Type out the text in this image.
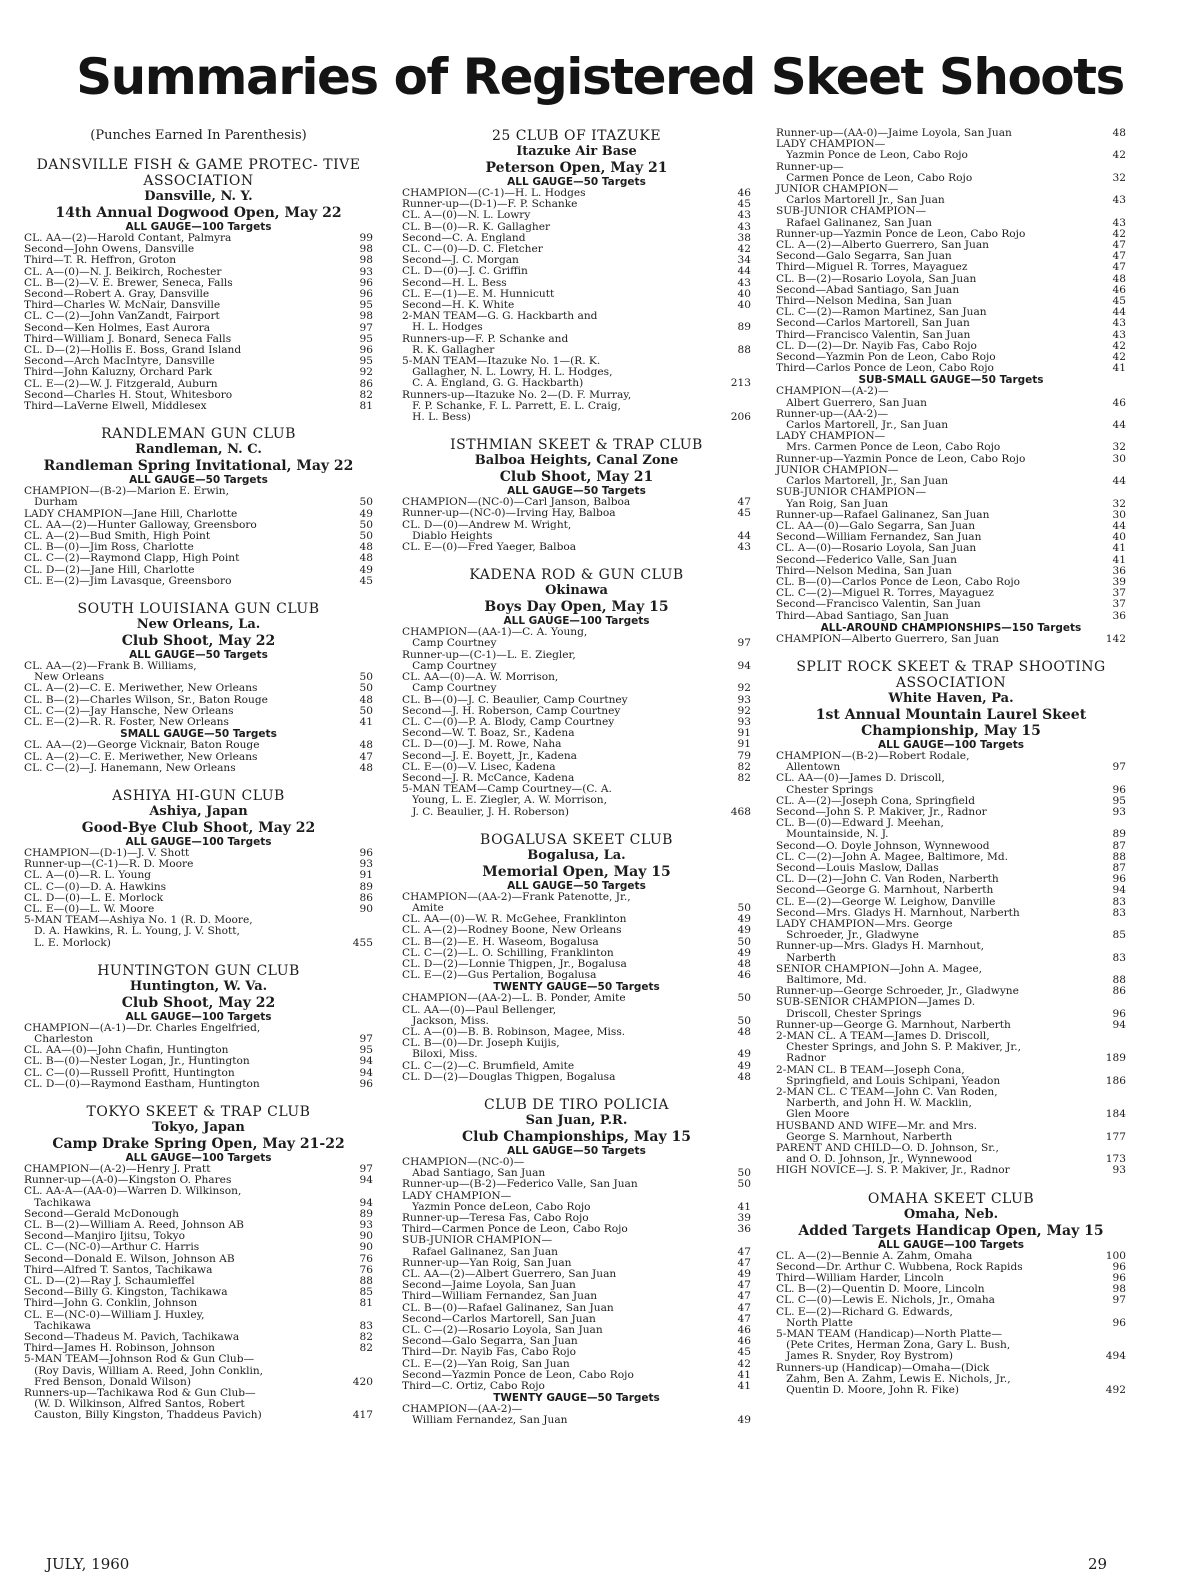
Summaries of Registered Skeet Shoots
(Punches Earned In Parenthesis)
DANSVILLE FISH & GAME PROTEC- TIVE ASSOCIATION
Dansville, N. Y.
14th Annual Dogwood Open, May 22
ALL GAUGE—100 Targets
CL. AA—(2)—Harold Contant, Palmyra	99
Second—John Owens, Dansville	98
Third—T. R. Heffron, Groton	98
CL. A—(0)—N. J. Beikirch, Rochester	93
CL. B—(2)—V. E. Brewer, Seneca, Falls	96
Second—Robert A. Gray, Dansville	96
Third—Charles W. McNair, Dansville	95
CL. C—(2)—John VanZandt, Fairport	98
Second—Ken Holmes, East Aurora	97
Third—William J. Bonard, Seneca Falls	95
CL. D—(2)—Hollis E. Boss, Grand Island	96
Second—Arch MacIntyre, Dansville	95
Third—John Kaluzny, Orchard Park	92
CL. E—(2)—W. J. Fitzgerald, Auburn	86
Second—Charles H. Stout, Whitesboro	82
Third—LaVerne Elwell, Middlesex	81
RANDLEMAN GUN CLUB
Randleman, N. C.
Randleman Spring Invitational, May 22
ALL GAUGE—50 Targets
CHAMPION—(B-2)—Marion E. Erwin,
Durham	50
LADY CHAMPION—Jane Hill, Charlotte	49
CL. AA—(2)—Hunter Galloway, Greensboro	50
CL. A—(2)—Bud Smith, High Point	50
CL. B—(0)—Jim Ross, Charlotte	48
CL. C—(2)—Raymond Clapp, High Point	48
CL. D—(2)—Jane Hill, Charlotte	49
CL. E—(2)—Jim Lavasque, Greensboro	45
SOUTH LOUISIANA GUN CLUB
New Orleans, La.
Club Shoot, May 22
ALL GAUGE—50 Targets
CL. AA—(2)—Frank B. Williams,
New Orleans	50
CL. A—(2)—C. E. Meriwether, New Orleans	50
CL. B—(2)—Charles Wilson, Sr., Baton Rouge	48
CL. C—(2)—Jay Hansche, New Orleans	50
CL. E—(2)—R. R. Foster, New Orleans	41
SMALL GAUGE—50 Targets
CL. AA—(2)—George Vicknair, Baton Rouge	48
CL. A—(2)—C. E. Meriwether, New Orleans	47
CL. C—(2)—J. Hanemann, New Orleans	48
ASHIYA HI-GUN CLUB
Ashiya, Japan
Good-Bye Club Shoot, May 22
ALL GAUGE—100 Targets
CHAMPION—(D-1)—J. V. Shott	96
Runner-up—(C-1)—R. D. Moore	93
CL. A—(0)—R. L. Young	91
CL. C—(0)—D. A. Hawkins	89
CL. D—(0)—L. E. Morlock	86
CL. E—(0)—L. W. Moore	90
5-MAN TEAM—Ashiya No. 1 (R. D. Moore,
D. A. Hawkins, R. L. Young, J. V. Shott,
L. E. Morlock)	455
HUNTINGTON GUN CLUB
Huntington, W. Va.
Club Shoot, May 22
ALL GAUGE—100 Targets
CHAMPION—(A-1)—Dr. Charles Engelfried,
Charleston	97
CL. AA—(0)—John Chafin, Huntington	95
CL. B—(0)—Nester Logan, Jr., Huntington	94
CL. C—(0)—Russell Profitt, Huntington	94
CL. D—(0)—Raymond Eastham, Huntington	96
TOKYO SKEET & TRAP CLUB
Tokyo, Japan
Camp Drake Spring Open, May 21-22
ALL GAUGE—100 Targets
CHAMPION—(A-2)—Henry J. Pratt	97
Runner-up—(A-0)—Kingston O. Phares	94
CL. AA-A—(AA-0)—Warren D. Wilkinson,
Tachikawa	94
Second—Gerald McDonough	89
CL. B—(2)—William A. Reed, Johnson AB	93
Second—Manjiro Ijitsu, Tokyo	90
CL. C—(NC-0)—Arthur C. Harris	90
Second—Donald E. Wilson, Johnson AB	76
Third—Alfred T. Santos, Tachikawa	76
CL. D—(2)—Ray J. Schaumleffel	88
Second—Billy G. Kingston, Tachikawa	85
Third—John G. Conklin, Johnson	81
CL. E—(NC-0)—William J. Huxley,
Tachikawa	83
Second—Thadeus M. Pavich, Tachikawa	82
Third—James H. Robinson, Johnson	82
5-MAN TEAM—Johnson Rod & Gun Club—
(Roy Davis, William A. Reed, John Conklin,
Fred Benson, Donald Wilson)	420
Runners-up—Tachikawa Rod & Gun Club—
(W. D. Wilkinson, Alfred Santos, Robert
Causton, Billy Kingston, Thaddeus Pavich)	417
25 CLUB OF ITAZUKE
Itazuke Air Base
Peterson Open, May 21
ALL GAUGE—50 Targets
CHAMPION—(C-1)—H. L. Hodges	46
Runner-up—(D-1)—F. P. Schanke	45
CL. A—(0)—N. L. Lowry	43
CL. B—(0)—R. K. Gallagher	43
Second—C. A. England	38
CL. C—(0)—D. C. Fletcher	42
Second—J. C. Morgan	34
CL. D—(0)—J. C. Griffin	44
Second—H. L. Bess	43
CL. E—(1)—E. M. Hunnicutt	40
Second—H. K. White	40
2-MAN TEAM—G. G. Hackbarth and
H. L. Hodges	89
Runners-up—F. P. Schanke and
R. K. Gallagher	88
5-MAN TEAM—Itazuke No. 1—(R. K.
Gallagher, N. L. Lowry, H. L. Hodges,
C. A. England, G. G. Hackbarth)	213
Runners-up—Itazuke No. 2—(D. F. Murray,
F. P. Schanke, F. L. Parrett, E. L. Craig,
H. L. Bess)	206
ISTHMIAN SKEET & TRAP CLUB
Balboa Heights, Canal Zone
Club Shoot, May 21
ALL GAUGE—50 Targets
CHAMPION—(NC-0)—Carl Janson, Balboa	47
Runner-up—(NC-0)—Irving Hay, Balboa	45
CL. D—(0)—Andrew M. Wright,
Diablo Heights	44
CL. E—(0)—Fred Yaeger, Balboa	43
KADENA ROD & GUN CLUB
Okinawa
Boys Day Open, May 15
ALL GAUGE—100 Targets
CHAMPION—(AA-1)—C. A. Young,
Camp Courtney	97
Runner-up—(C-1)—L. E. Ziegler,
Camp Courtney	94
CL. AA—(0)—A. W. Morrison,
Camp Courtney	92
CL. B—(0)—J. C. Beaulier, Camp Courtney	93
Second—J. H. Roberson, Camp Courtney	92
CL. C—(0)—P. A. Blody, Camp Courtney	93
Second—W. T. Boaz, Sr., Kadena	91
CL. D—(0)—J. M. Rowe, Naha	91
Second—J. E. Boyett, Jr., Kadena	79
CL. E—(0)—V. Lisec, Kadena	82
Second—J. R. McCance, Kadena	82
5-MAN TEAM—Camp Courtney—(C. A.
Young, L. E. Ziegler, A. W. Morrison,
J. C. Beaulier, J. H. Roberson)	468
BOGALUSA SKEET CLUB
Bogalusa, La.
Memorial Open, May 15
ALL GAUGE—50 Targets
CHAMPION—(AA-2)—Frank Patenotte, Jr.,
Amite	50
CL. AA—(0)—W. R. McGehee, Franklinton	49
CL. A—(2)—Rodney Boone, New Orleans	49
CL. B—(2)—E. H. Waseom, Bogalusa	50
CL. C—(2)—L. O. Schilling, Franklinton	49
CL. D—(2)—Lonnie Thigpen, Jr., Bogalusa	48
CL. E—(2)—Gus Pertalion, Bogalusa	46
TWENTY GAUGE—50 Targets
CHAMPION—(AA-2)—L. B. Ponder, Amite	50
CL. AA—(0)—Paul Bellenger,
Jackson, Miss.	50
CL. A—(0)—B. B. Robinson, Magee, Miss.	48
CL. B—(0)—Dr. Joseph Kuijis,
Biloxi, Miss.	49
CL. C—(2)—C. Brumfield, Amite	49
CL. D—(2)—Douglas Thigpen, Bogalusa	48
CLUB DE TIRO POLICIA
San Juan, P.R.
Club Championships, May 15
ALL GAUGE—50 Targets
CHAMPION—(NC-0)—
Abad Santiago, San Juan	50
Runner-up—(B-2)—Federico Valle, San Juan	50
LADY CHAMPION—
Yazmin Ponce deLeon, Cabo Rojo	41
Runner-up—Teresa Fas, Cabo Rojo	39
Third—Carmen Ponce de Leon, Cabo Rojo	36
SUB-JUNIOR CHAMPION—
Rafael Galinanez, San Juan	47
Runner-up—Yan Roig, San Juan	47
CL. AA—(2)—Albert Guerrero, San Juan	49
Second—Jaime Loyola, San Juan	47
Third—William Fernandez, San Juan	47
CL. B—(0)—Rafael Galinanez, San Juan	47
Second—Carlos Martorell, San Juan	47
CL. C—(2)—Rosario Loyola, San Juan	46
Second—Galo Segarra, San Juan	46
Third—Dr. Nayib Fas, Cabo Rojo	45
CL. E—(2)—Yan Roig, San Juan	42
Second—Yazmin Ponce de Leon, Cabo Rojo	41
Third—C. Ortiz, Cabo Rojo	41
TWENTY GAUGE—50 Targets
CHAMPION—(AA-2)—
William Fernandez, San Juan	49
Runner-up—(AA-0)—Jaime Loyola, San Juan	48
LADY CHAMPION—
Yazmin Ponce de Leon, Cabo Rojo	42
Runner-up—
Carmen Ponce de Leon, Cabo Rojo	32
JUNIOR CHAMPION—
Carlos Martorell Jr., San Juan	43
SUB-JUNIOR CHAMPION—
Rafael Galinanez, San Juan	43
Runner-up—Yazmin Ponce de Leon, Cabo Rojo	42
CL. A—(2)—Alberto Guerrero, San Juan	47
Second—Galo Segarra, San Juan	47
Third—Miguel R. Torres, Mayaguez	47
CL. B—(2)—Rosario Loyola, San Juan	48
Second—Abad Santiago, San Juan	46
Third—Nelson Medina, San Juan	45
CL. C—(2)—Ramon Martinez, San Juan	44
Second—Carlos Martorell, San Juan	43
Third—Francisco Valentin, San Juan	43
CL. D—(2)—Dr. Nayib Fas, Cabo Rojo	42
Second—Yazmin Pon de Leon, Cabo Rojo	42
Third—Carlos Ponce de Leon, Cabo Rojo	41
SUB-SMALL GAUGE—50 Targets
CHAMPION—(A-2)—
Albert Guerrero, San Juan	46
Runner-up—(AA-2)—
Carlos Martorell, Jr., San Juan	44
LADY CHAMPION—
Mrs. Carmen Ponce de Leon, Cabo Rojo	32
Runner-up—Yazmin Ponce de Leon, Cabo Rojo	30
JUNIOR CHAMPION—
Carlos Martorell, Jr., San Juan	44
SUB-JUNIOR CHAMPION—
Yan Roig, San Juan	32
Runner-up—Rafael Galinanez, San Juan	30
CL. AA—(0)—Galo Segarra, San Juan	44
Second—William Fernandez, San Juan	40
CL. A—(0)—Rosario Loyola, San Juan	41
Second—Federico Valle, San Juan	41
Third—Nelson Medina, San Juan	36
CL. B—(0)—Carlos Ponce de Leon, Cabo Rojo	39
CL. C—(2)—Miguel R. Torres, Mayaguez	37
Second—Francisco Valentin, San Juan	37
Third—Abad Santiago, San Juan	36
ALL-AROUND CHAMPIONSHIPS—150 Targets
CHAMPION—Alberto Guerrero, San Juan	142
SPLIT ROCK SKEET & TRAP SHOOTING ASSOCIATION
White Haven, Pa.
1st Annual Mountain Laurel Skeet Championship, May 15
ALL GAUGE—100 Targets
CHAMPION—(B-2)—Robert Rodale,
Allentown	97
CL. AA—(0)—James D. Driscoll,
Chester Springs	96
CL. A—(2)—Joseph Cona, Springfield	95
Second—John S. P. Makiver, Jr., Radnor	93
CL. B—(0)—Edward J. Meehan,
Mountainside, N. J.	89
Second—O. Doyle Johnson, Wynnewood	87
CL. C—(2)—John A. Magee, Baltimore, Md.	88
Second—Louis Maslow, Dallas	87
CL. D—(2)—John C. Van Roden, Narberth	96
Second—George G. Marnhout, Narberth	94
CL. E—(2)—George W. Leighow, Danville	83
Second—Mrs. Gladys H. Marnhout, Narberth	83
LADY CHAMPION—Mrs. George
Schroeder, Jr., Gladwyne	85
Runner-up—Mrs. Gladys H. Marnhout,
Narberth	83
SENIOR CHAMPION—John A. Magee,
Baltimore, Md.	88
Runner-up—George Schroeder, Jr., Gladwyne	86
SUB-SENIOR CHAMPION—James D.
Driscoll, Chester Springs	96
Runner-up—George G. Marnhout, Narberth	94
2-MAN CL. A TEAM—James D. Driscoll,
Chester Springs, and John S. P. Makiver, Jr.,
Radnor	189
2-MAN CL. B TEAM—Joseph Cona,
Springfield, and Louis Schipani, Yeadon	186
2-MAN CL. C TEAM—John C. Van Roden,
Narberth, and John H. W. Macklin,
Glen Moore	184
HUSBAND AND WIFE—Mr. and Mrs.
George S. Marnhout, Narberth	177
PARENT AND CHILD—O. D. Johnson, Sr.,
and O. D. Johnson, Jr., Wynnewood	173
HIGH NOVICE—J. S. P. Makiver, Jr., Radnor	93
OMAHA SKEET CLUB
Omaha, Neb.
Added Targets Handicap Open, May 15
ALL GAUGE—100 Targets
CL. A—(2)—Bennie A. Zahm, Omaha	100
Second—Dr. Arthur C. Wubbena, Rock Rapids	96
Third—William Harder, Lincoln	96
CL. B—(2)—Quentin D. Moore, Lincoln	98
CL. C—(0)—Lewis E. Nichols, Jr., Omaha	97
CL. E—(2)—Richard G. Edwards,
North Platte	96
5-MAN TEAM (Handicap)—North Platte—
(Pete Crites, Herman Zona, Gary L. Bush,
James R. Snyder, Roy Bystrom)	494
Runners-up (Handicap)—Omaha—(Dick
Zahm, Ben A. Zahm, Lewis E. Nichols, Jr.,
Quentin D. Moore, John R. Fike)	492
JULY, 1960	29
